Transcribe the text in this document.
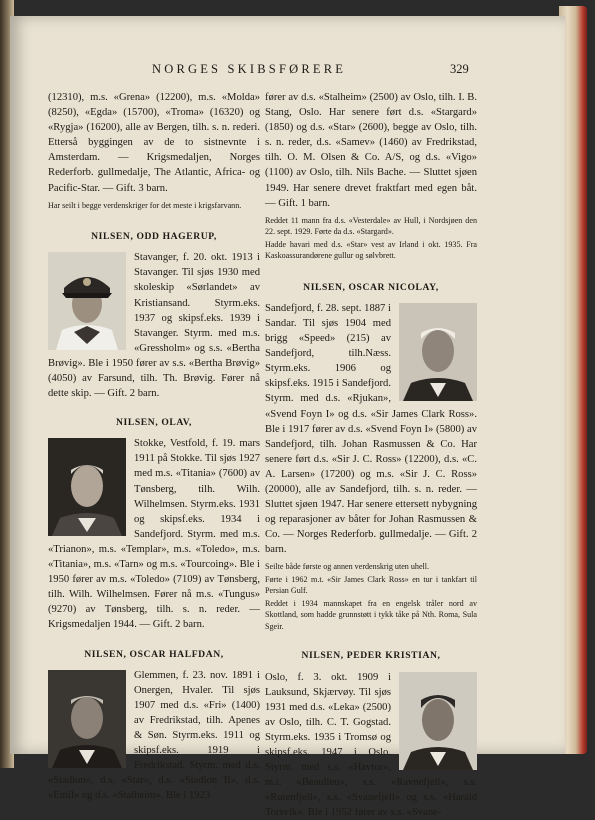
NORGES SKIBSFØRERE	329

(12310), m.s. «Grena» (12200), m.s. «Molda» (8250), «Egda» (15700), «Troma» (16320) og «Rygja» (16200), alle av Bergen, tilh. s. n. rederi. Etterså byggingen av de to sistnevnte i Amsterdam. — Krigsmedaljen, Norges Rederforb. gullmedalje, The Atlantic, Africa- og Pacific-Star. — Gift. 3 barn.

Har seilt i begge verdenskriger for det meste i krigsfarvann.

NILSEN, ODD HAGERUP,

Stavanger, f. 20. okt. 1913 i Stavanger. Til sjøs 1930 med skoleskip «Sørlandet» av Kristiansand. Styrm.eks. 1937 og skipsf.eks. 1939 i Stavanger. Styrm. med m.s. «Gressholm» og s.s. «Bertha Brøvig». Ble i 1950 fører av s.s. «Bertha Brøvig» (4050) av Farsund, tilh. Th. Brøvig. Fører nå dette skip. — Gift. 2 barn.

NILSEN, OLAV,

Stokke, Vestfold, f. 19. mars 1911 på Stokke. Til sjøs 1927 med m.s. «Titania» (7600) av Tønsberg, tilh. Wilh. Wilhelmsen. Styrm.eks. 1931 og skipsf.eks. 1934 i Sandefjord. Styrm. med m.s. «Trianon», m.s. «Templar», m.s. «Toledo», m.s. «Titania», m.s. «Tarn» og m.s. «Tourcoing». Ble i 1950 fører av m.s. «Toledo» (7109) av Tønsberg, tilh. Wilh. Wilhelmsen. Fører nå m.s. «Tungus» (9270) av Tønsberg, tilh. s. n. reder. — Krigsmedaljen 1944. — Gift. 2 barn.

NILSEN, OSCAR HALFDAN,

Glemmen, f. 23. nov. 1891 i Onergen, Hvaler. Til sjøs 1907 med d.s. «Fri» (1400) av Fredrikstad, tilh. Apenes & Søn. Styrm.eks. 1911 og skipsf.eks. 1919 i Fredrikstad. Styrm. med d.s. «Stadion», d.s. «Star», d.s. «Stadion II», d.s. «Emil» og d.s. «Stalheim». Ble i 1923

fører av d.s. «Stalheim» (2500) av Oslo, tilh. I. B. Stang, Oslo. Har senere ført d.s. «Stargard» (1850) og d.s. «Star» (2600), begge av Oslo, tilh. s. n. reder, d.s. «Samev» (1460) av Fredrikstad, tilh. O. M. Olsen & Co. A/S, og d.s. «Vigo» (1100) av Oslo, tilh. Nils Bache. — Sluttet sjøen 1949. Har senere drevet fraktfart med egen båt. — Gift. 1 barn.

Reddet 11 mann fra d.s. «Vesterdale» av Hull, i Nordsjøen den 22. sept. 1929. Førte da d.s. «Stargard».

Hadde havari med d.s. «Star» vest av Irland i okt. 1935. Fra Kaskoassurandørene gullur og sølvbrett.

NILSEN, OSCAR NICOLAY,

Sandefjord, f. 28. sept. 1887 i Sandar. Til sjøs 1904 med brigg «Speed» (215) av Sandefjord, tilh.Næss. Styrm.eks. 1906 og skipsf.eks. 1915 i Sandefjord. Styrm. med d.s. «Rjukan», «Svend Foyn I» og d.s. «Sir James Clark Ross». Ble i 1917 fører av d.s. «Svend Foyn I» (5800) av Sandefjord, tilh. Johan Rasmussen & Co. Har senere ført d.s. «Sir J. C. Ross» (12200), d.s. «C. A. Larsen» (17200) og m.s. «Sir J. C. Ross» (20000), alle av Sandefjord, tilh. s. n. reder. — Sluttet sjøen 1947. Har senere ettersett nybygning og reparasjoner av båter for Johan Rasmussen & Co. — Norges Rederforb. gullmedalje. — Gift. 2 barn.

Seilte både første og annen verdenskrig uten uhell.

Førte i 1962 m.t. «Sir James Clark Ross» en tur i tankfart til Persian Gulf.

Reddet i 1934 mannskapet fra en engelsk tråler nord av Skottland, som hadde grunnstøtt i tykk tåke på Nth. Roma, Sula Sgeir.

NILSEN, PEDER KRISTIAN,

Oslo, f. 3. okt. 1909 i Lauksund, Skjærvøy. Til sjøs 1931 med d.s. «Leka» (2500) av Oslo, tilh. C. T. Gogstad. Styrm.eks. 1935 i Tromsø og skipsf.eks. 1947 i Oslo. Styrm. med s.s. «Havtor», m.t. «Beaulieu», s.s. «Ravnefjell», s.s. «Rutenfjell», s.s. «Svanefjell» og s.s. «Harald Torsvik». Ble i 1952 fører av s.s. «Svane-
